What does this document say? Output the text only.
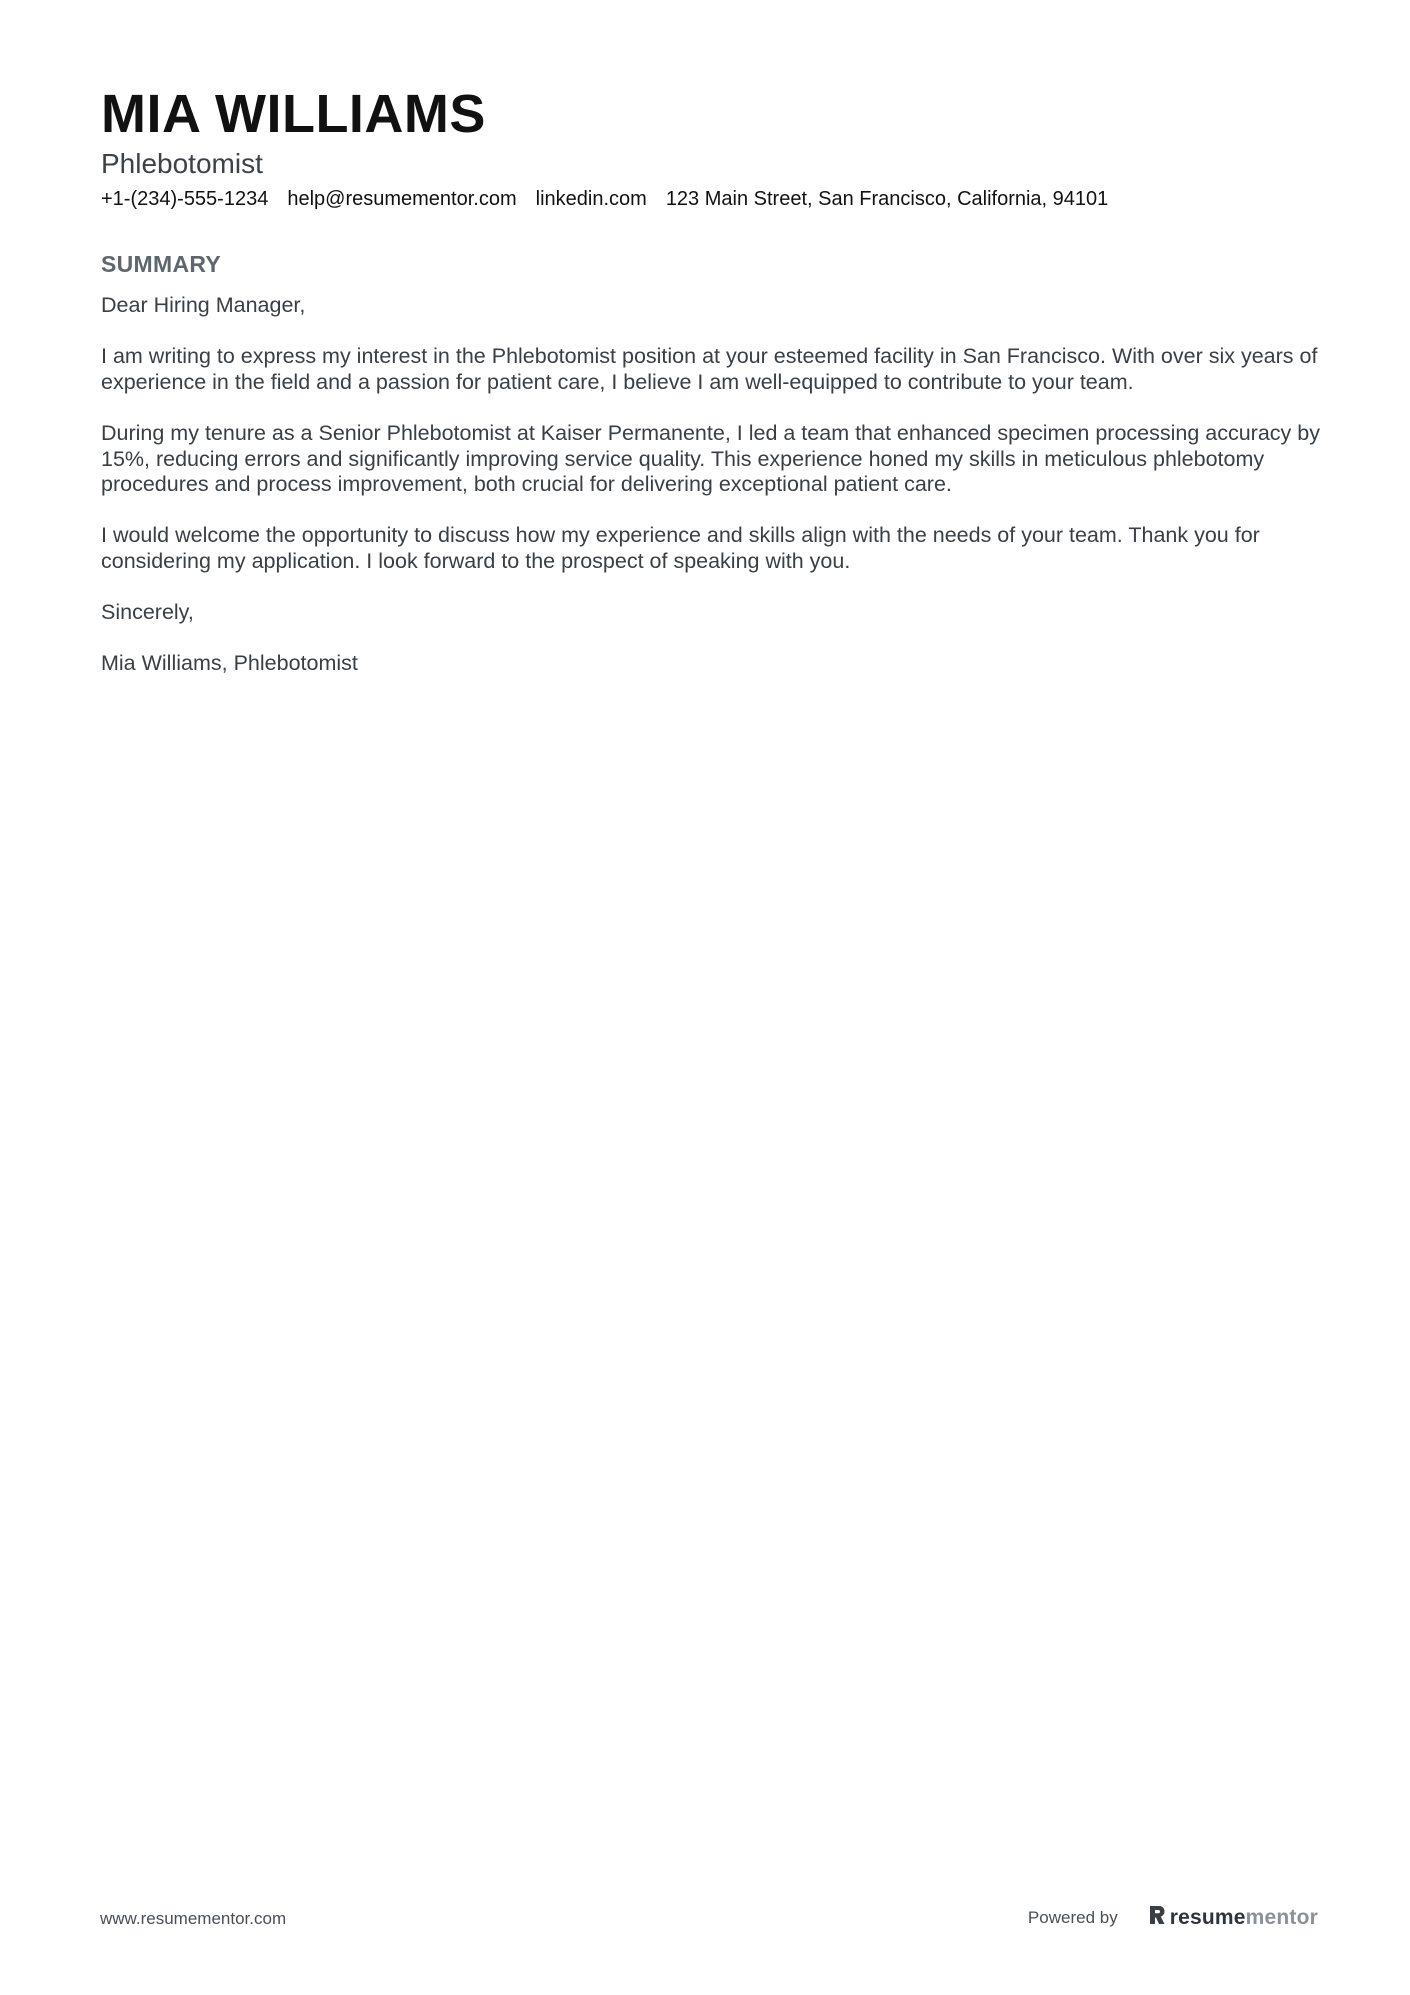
MIA WILLIAMS
Phlebotomist
+1-(234)-555-1234 help@resumementor.com linkedin.com 123 Main Street, San Francisco, California, 94101
SUMMARY

Dear Hiring Manager,

I am writing to express my interest in the Phlebotomist position at your esteemed facility in San Francisco. With over six years of experience in the field and a passion for patient care, I believe I am well-equipped to contribute to your team.

During my tenure as a Senior Phlebotomist at Kaiser Permanente, I led a team that enhanced specimen processing accuracy by 15%, reducing errors and significantly improving service quality. This experience honed my skills in meticulous phlebotomy procedures and process improvement, both crucial for delivering exceptional patient care.

I would welcome the opportunity to discuss how my experience and skills align with the needs of your team. Thank you for considering my application. I look forward to the prospect of speaking with you.

Sincerely,

Mia Williams, Phlebotomist

www.resumementor.com	Powered by resumementor
